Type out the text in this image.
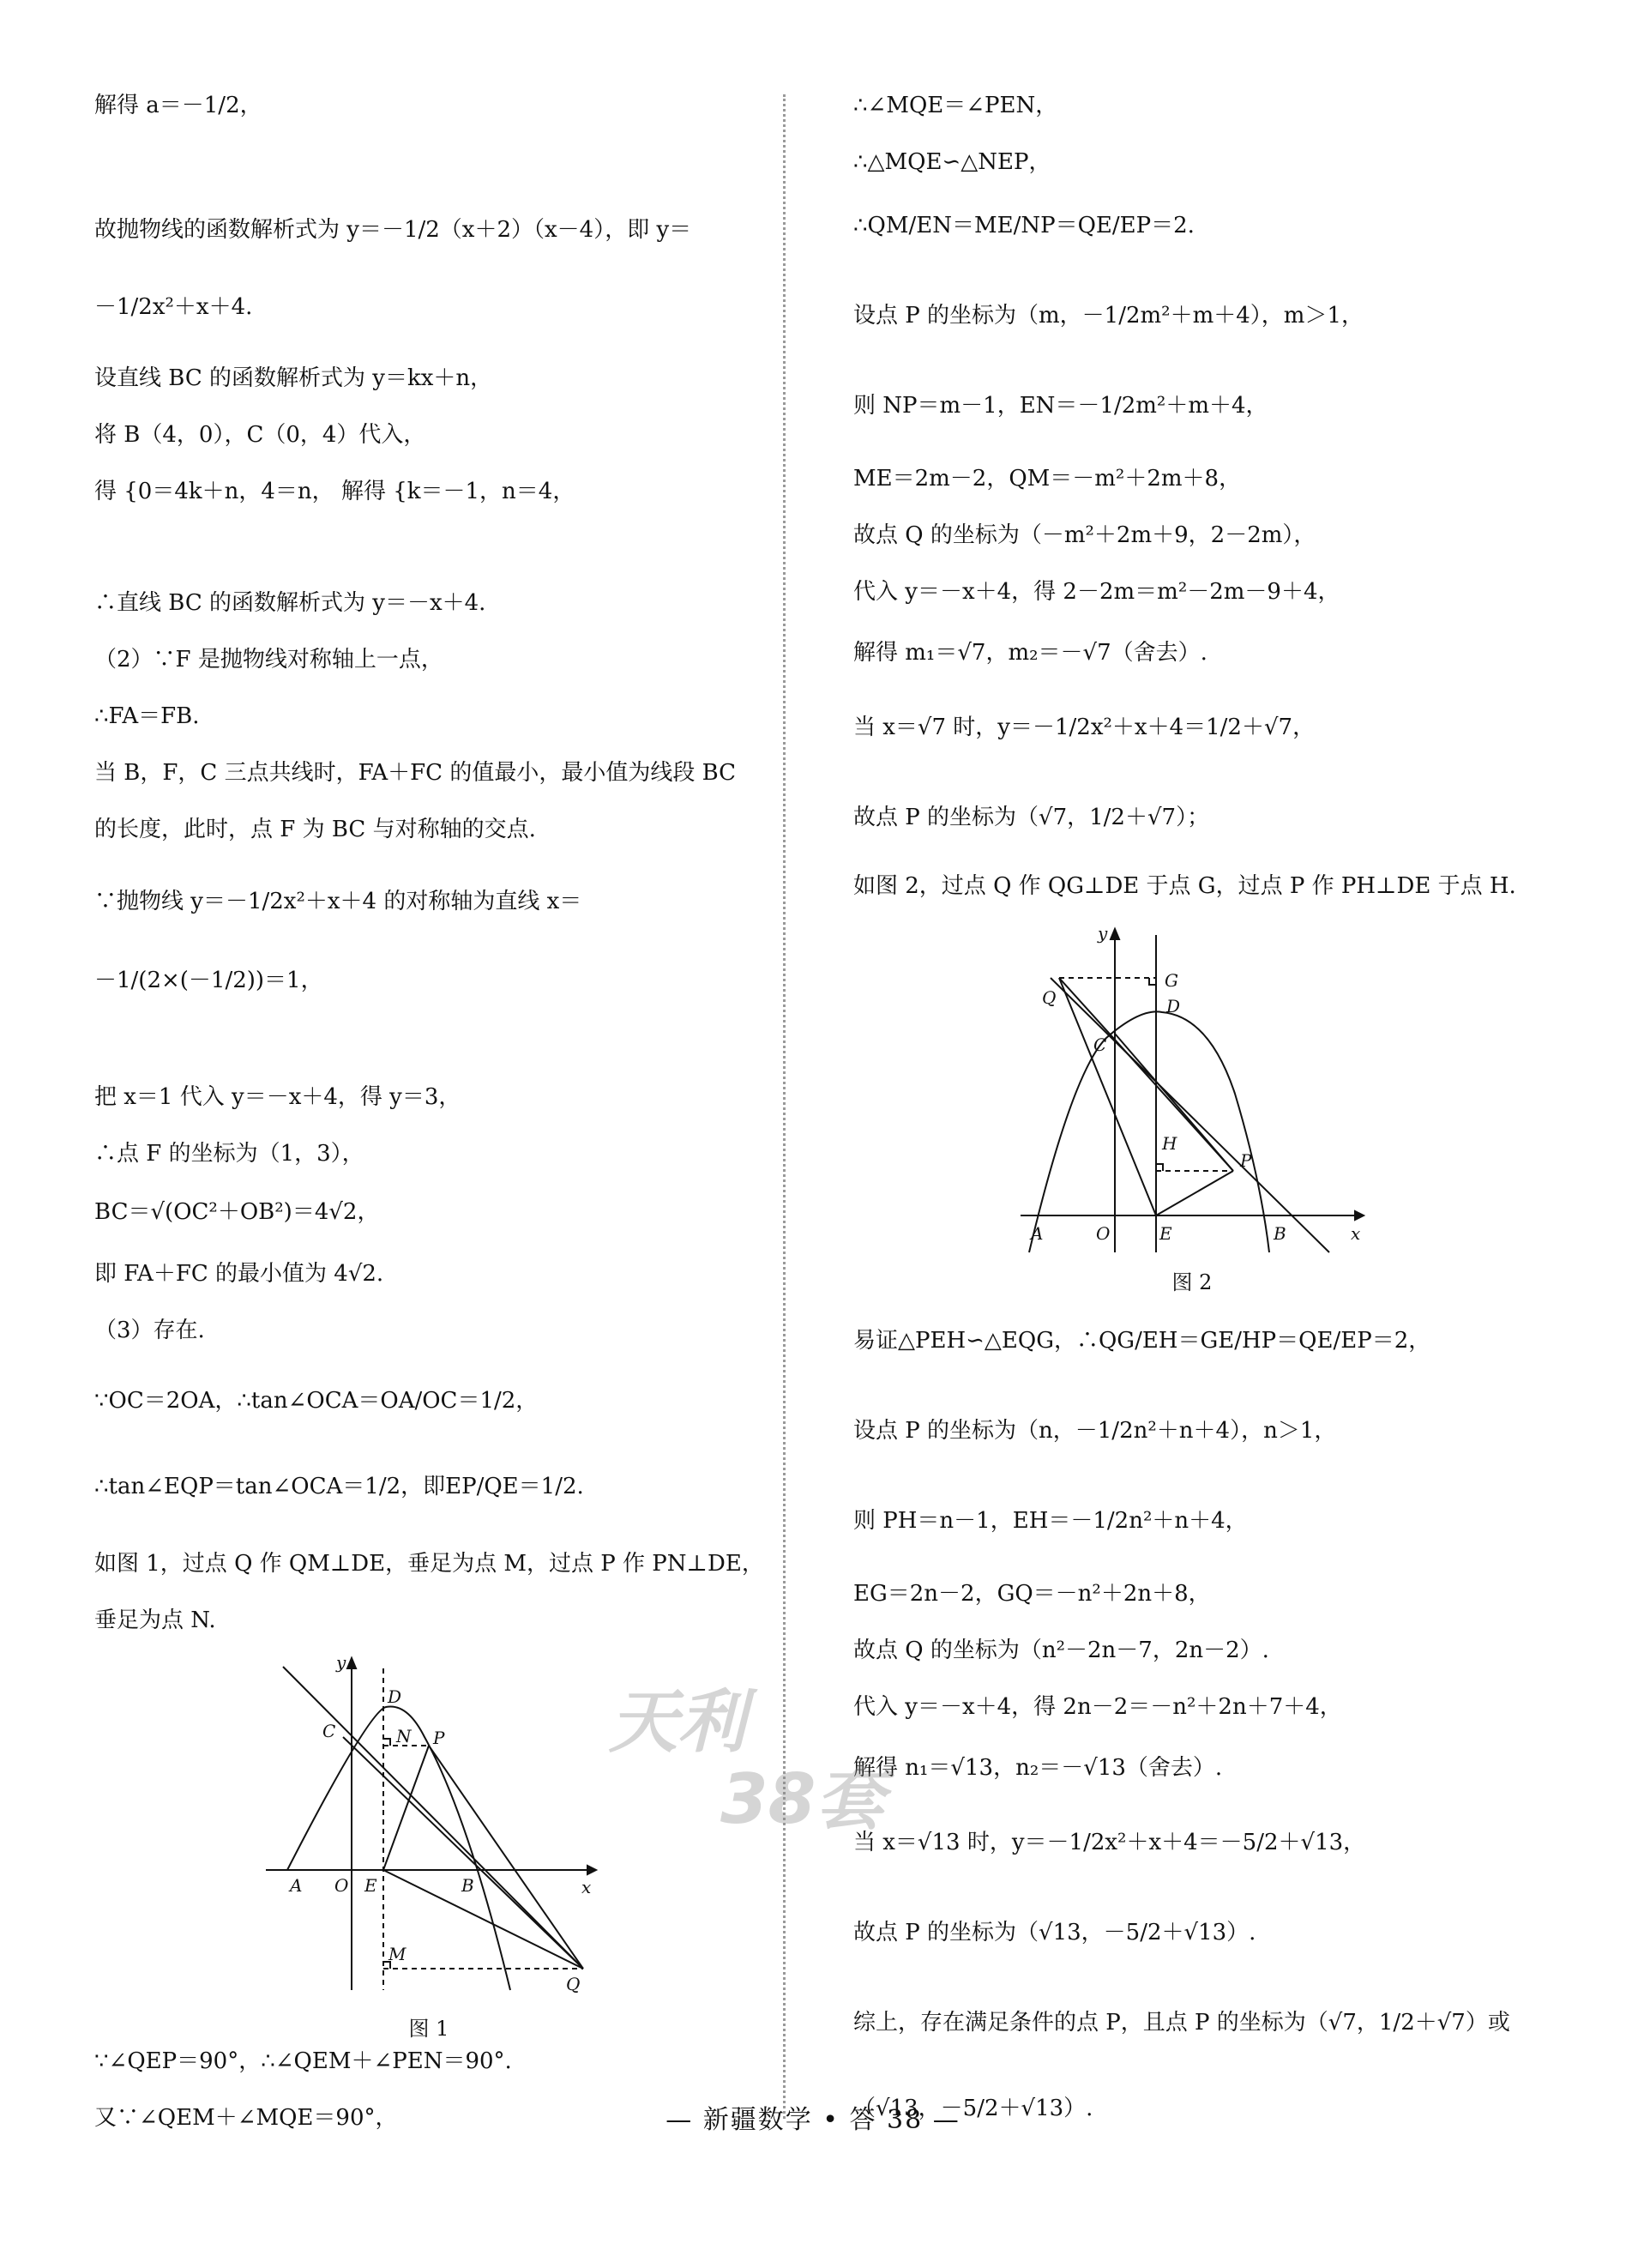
解得 a＝－1/2，
故抛物线的函数解析式为 y＝－1/2（x＋2）（x－4），即 y＝
－1/2x²＋x＋4.
设直线 BC 的函数解析式为 y＝kx＋n，
将 B（4，0），C（0，4）代入，
得 {0＝4k＋n，4＝n， 解得 {k＝－1，n＝4，
∴直线 BC 的函数解析式为 y＝－x＋4.
（2）∵F 是抛物线对称轴上一点，
∴FA＝FB.
当 B，F，C 三点共线时，FA＋FC 的值最小，最小值为线段 BC
的长度，此时，点 F 为 BC 与对称轴的交点.
∵抛物线 y＝－1/2x²＋x＋4 的对称轴为直线 x＝
－1/(2×(－1/2))＝1，
把 x＝1 代入 y＝－x＋4，得 y＝3，
∴点 F 的坐标为（1，3），
BC＝√(OC²＋OB²)＝4√2，
即 FA＋FC 的最小值为 4√2.
（3）存在.
∵OC＝2OA，∴tan∠OCA＝OA/OC＝1/2，
∴tan∠EQP＝tan∠OCA＝1/2，即EP/QE＝1/2.
如图 1，过点 Q 作 QM⊥DE，垂足为点 M，过点 P 作 PN⊥DE，
垂足为点 N.
∵∠QEP＝90°，∴∠QEM＋∠PEN＝90°.
又∵∠QEM＋∠MQE＝90°，
∴∠MQE＝∠PEN，
∴△MQE∽△NEP，
∴QM/EN＝ME/NP＝QE/EP＝2.
设点 P 的坐标为（m，－1/2m²＋m＋4），m＞1，
则 NP＝m－1，EN＝－1/2m²＋m＋4，
ME＝2m－2，QM＝－m²＋2m＋8，
故点 Q 的坐标为（－m²＋2m＋9，2－2m），
代入 y＝－x＋4，得 2－2m＝m²－2m－9＋4，
解得 m₁＝√7，m₂＝－√7（舍去）.
当 x＝√7 时，y＝－1/2x²＋x＋4＝1/2＋√7，
故点 P 的坐标为（√7，1/2＋√7）；
如图 2，过点 Q 作 QG⊥DE 于点 G，过点 P 作 PH⊥DE 于点 H.
易证△PEH∽△EQG，∴QG/EH＝GE/HP＝QE/EP＝2，
设点 P 的坐标为（n，－1/2n²＋n＋4），n＞1，
则 PH＝n－1，EH＝－1/2n²＋n＋4，
EG＝2n－2，GQ＝－n²＋2n＋8，
故点 Q 的坐标为（n²－2n－7，2n－2）.
代入 y＝－x＋4，得 2n－2＝－n²＋2n＋7＋4，
解得 n₁＝√13，n₂＝－√13（舍去）.
当 x＝√13 时，y＝－1/2x²＋x＋4＝－5/2＋√13，
故点 P 的坐标为（√13，－5/2＋√13）.
综上，存在满足条件的点 P，且点 P 的坐标为（√7，1/2＋√7）或
（√13，－5/2＋√13）.
y
x
D
C	N P
A O E	B
M
Q
图 1
y
x
Q
G
D
C
H
P
A	O	E	B
图 2
天利
38套
— 新疆数学 • 答 38 —
